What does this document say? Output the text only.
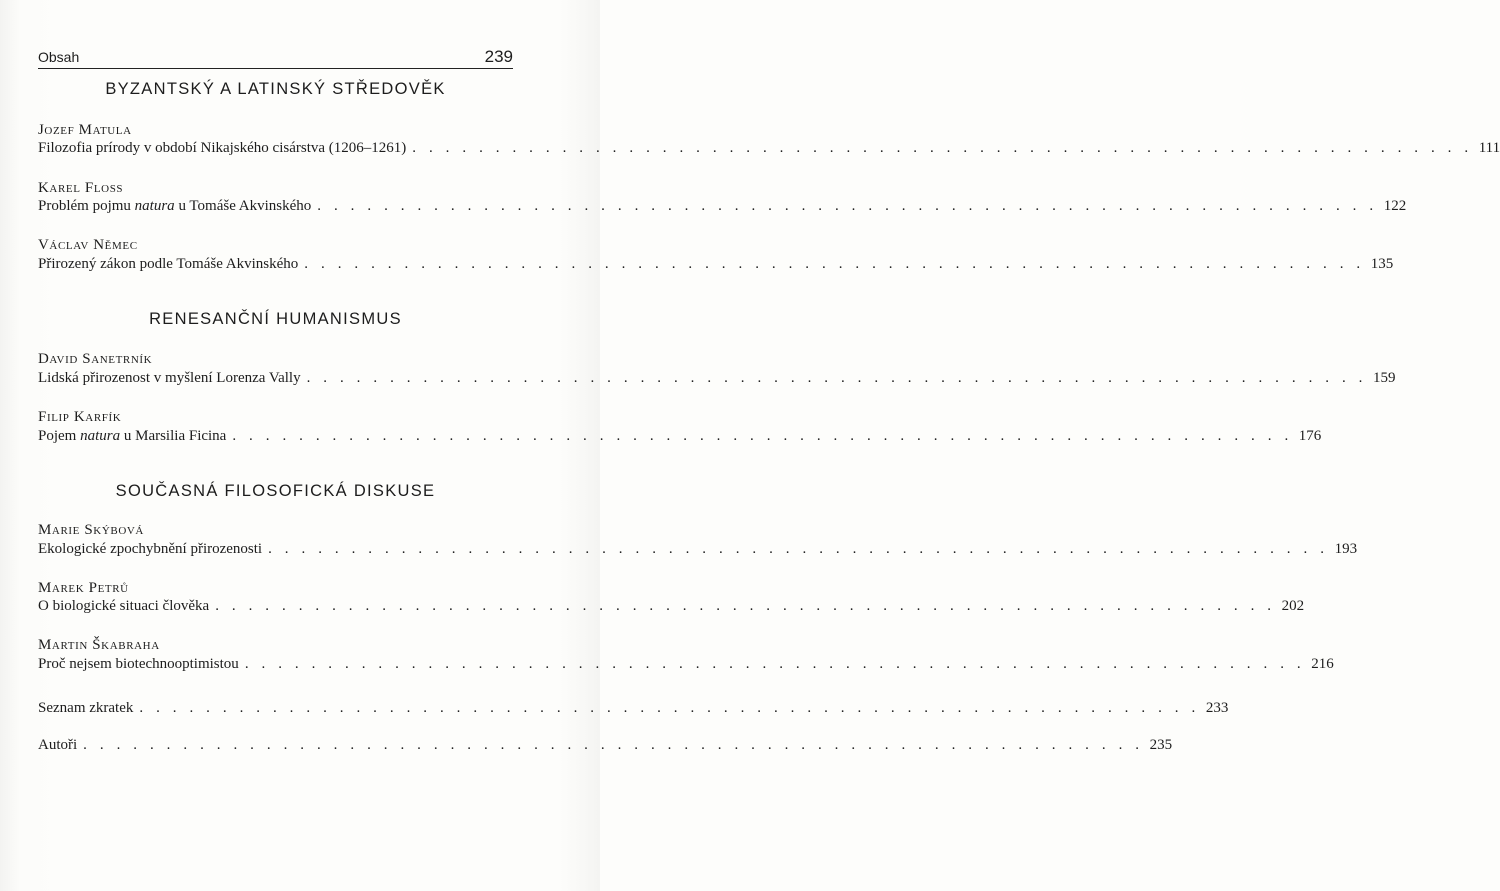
Obsah	239
BYZANTSKÝ A LATINSKÝ STŘEDOVĚK
Jozef Matula
Filozofia prírody v období Nikajského cisárstva (1206–1261) . . . . . . . . . . . . . . . . . . . . . . . . . . . . . . . . . . . . . . . . . . . . . . . . . . . . . . . . . . . . . . . . 111
Karel Floss
Problém pojmu natura u Tomáše Akvinského . . . . . . . . . . . . . . . . . . . . . . . . . . . . . . . . . . . . . . . . . . . . . . . . . . . . . . . . . . . . . . . . 122
Václav Němec
Přirozený zákon podle Tomáše Akvinského . . . . . . . . . . . . . . . . . . . . . . . . . . . . . . . . . . . . . . . . . . . . . . . . . . . . . . . . . . . . . . . . 135
RENESANČNÍ HUMANISMUS
David Sanetrník
Lidská přirozenost v myšlení Lorenza Vally . . . . . . . . . . . . . . . . . . . . . . . . . . . . . . . . . . . . . . . . . . . . . . . . . . . . . . . . . . . . . . . . 159
Filip Karfík
Pojem natura u Marsilia Ficina . . . . . . . . . . . . . . . . . . . . . . . . . . . . . . . . . . . . . . . . . . . . . . . . . . . . . . . . . . . . . . . . 176
SOUČASNÁ FILOSOFICKÁ DISKUSE
Marie Skýbová
Ekologické zpochybnění přirozenosti . . . . . . . . . . . . . . . . . . . . . . . . . . . . . . . . . . . . . . . . . . . . . . . . . . . . . . . . . . . . . . . . 193
Marek Petrů
O biologické situaci člověka . . . . . . . . . . . . . . . . . . . . . . . . . . . . . . . . . . . . . . . . . . . . . . . . . . . . . . . . . . . . . . . . 202
Martin Škabraha
Proč nejsem biotechnooptimistou . . . . . . . . . . . . . . . . . . . . . . . . . . . . . . . . . . . . . . . . . . . . . . . . . . . . . . . . . . . . . . . . 216
Seznam zkratek . . . . . . . . . . . . . . . . . . . . . . . . . . . . . . . . . . . . . . . . . . . . . . . . . . . . . . . . . . . . . . . . 233
Autoři . . . . . . . . . . . . . . . . . . . . . . . . . . . . . . . . . . . . . . . . . . . . . . . . . . . . . . . . . . . . . . . . 235
